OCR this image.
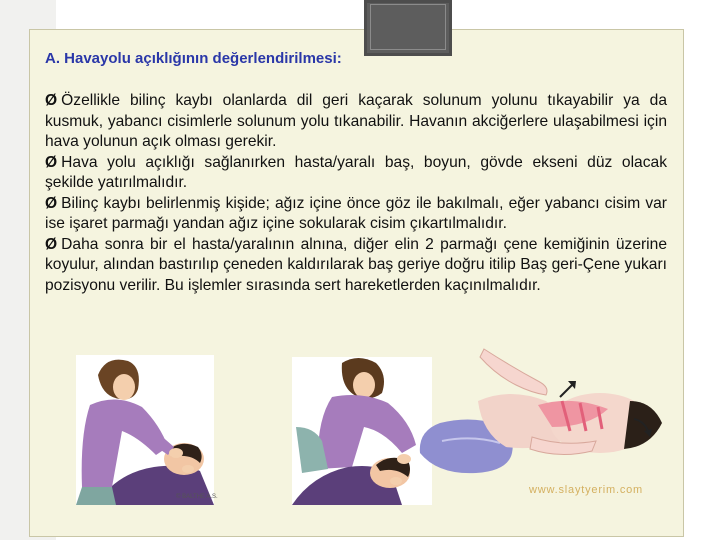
A. Havayolu açıklığının değerlendirilmesi:

Ø Özellikle bilinç kaybı olanlarda dil geri kaçarak solunum yolunu tıkayabilir ya da kusmuk, yabancı cisimlerle solunum yolu tıkanabilir. Havanın akciğerlere ulaşabilmesi için hava yolunun açık olması gerekir.

Ø Hava yolu açıklığı sağlanırken hasta/yaralı baş, boyun, gövde ekseni düz olacak şekilde yatırılmalıdır.

Ø Bilinç kaybı belirlenmiş kişide; ağız içine önce göz ile bakılmalı, eğer yabancı cisim var ise işaret parmağı yandan ağız içine sokularak cisim çıkartılmalıdır.

Ø Daha sonra bir el hasta/yaralının alnına, diğer elin 2 parmağı çene kemiğinin üzerine koyulur, alından bastırılıp çeneden kaldırılarak baş geriye doğru itilip Baş geri-Çene yukarı pozisyonu verilir. Bu işlemler sırasında sert hareketlerden kaçınılmalıdır.

© BALTHE A.S.
www.slaytyerim.com
